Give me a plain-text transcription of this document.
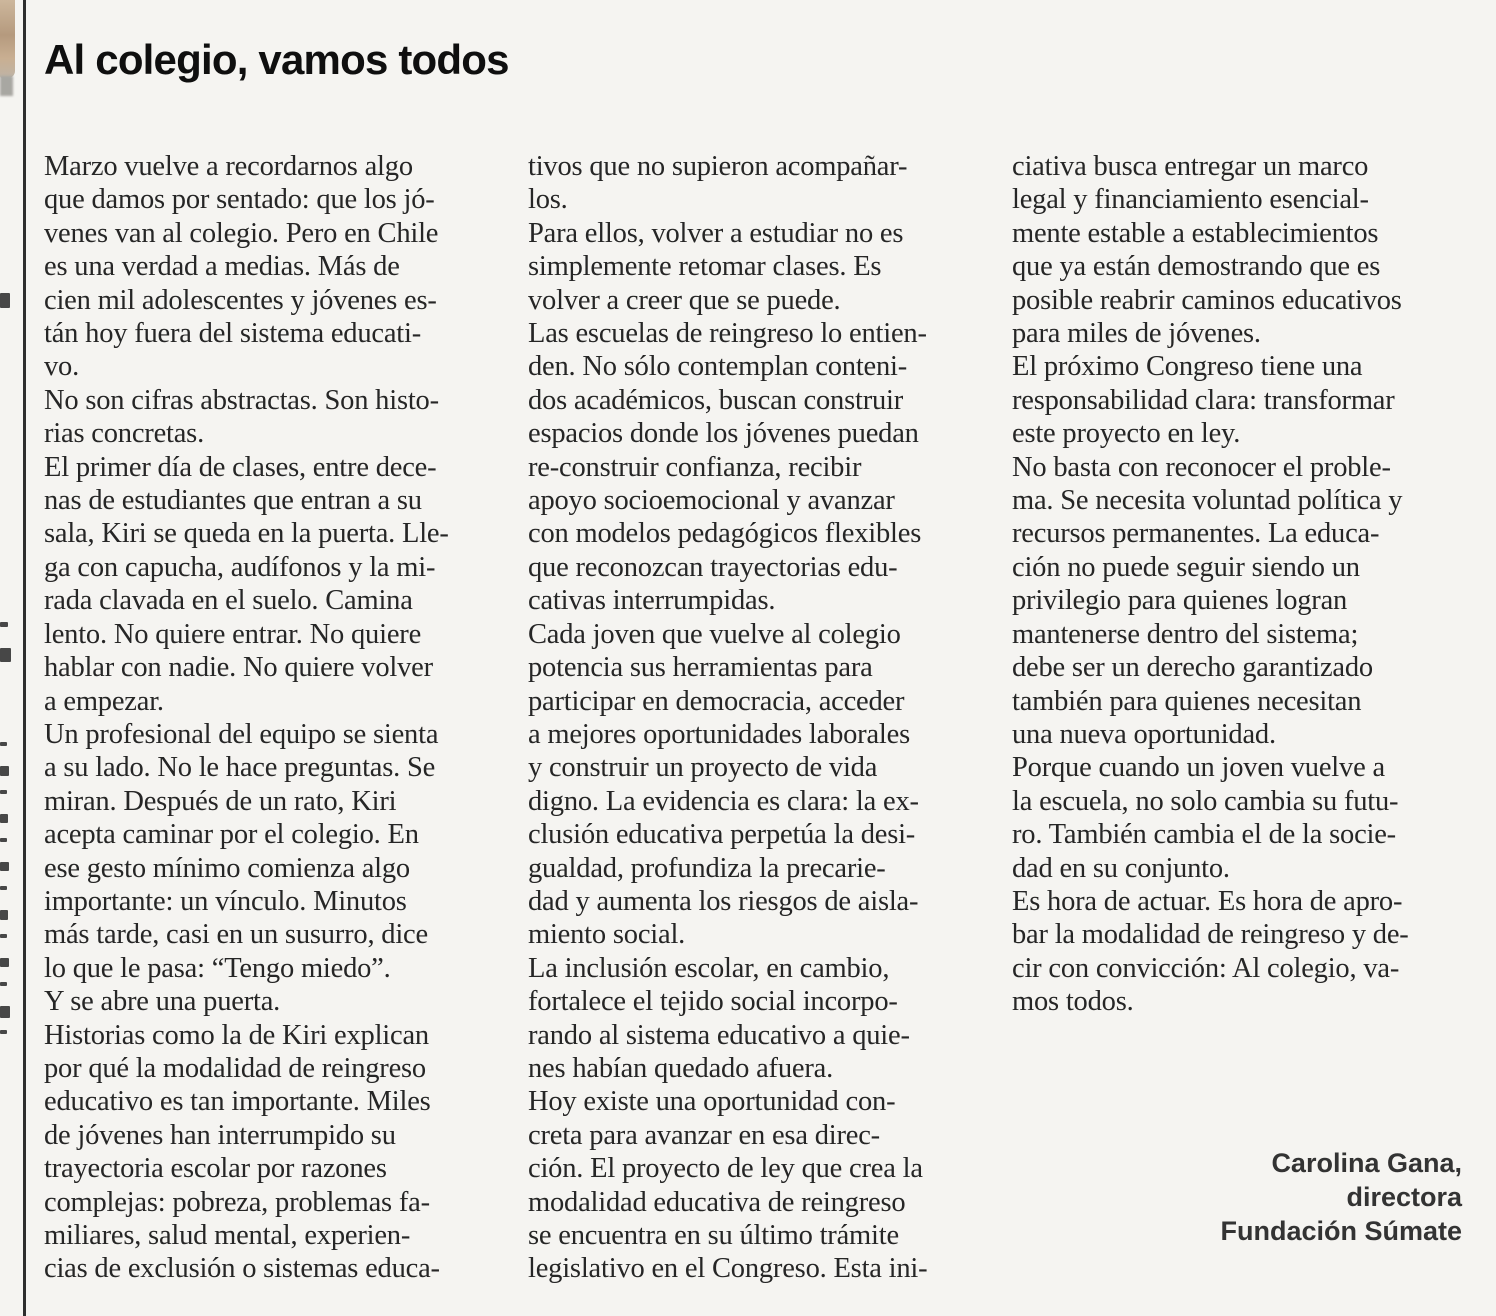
Al colegio, vamos todos
Marzo vuelve a recordarnos algo
que damos por sentado: que los jó-
venes van al colegio. Pero en Chile
es una verdad a medias. Más de
cien mil adolescentes y jóvenes es-
tán hoy fuera del sistema educati-
vo.
No son cifras abstractas. Son histo-
rias concretas.
El primer día de clases, entre dece-
nas de estudiantes que entran a su
sala, Kiri se queda en la puerta. Lle-
ga con capucha, audífonos y la mi-
rada clavada en el suelo. Camina
lento. No quiere entrar. No quiere
hablar con nadie. No quiere volver
a empezar.
Un profesional del equipo se sienta
a su lado. No le hace preguntas. Se
miran. Después de un rato, Kiri
acepta caminar por el colegio. En
ese gesto mínimo comienza algo
importante: un vínculo. Minutos
más tarde, casi en un susurro, dice
lo que le pasa: “Tengo miedo”.
Y se abre una puerta.
Historias como la de Kiri explican
por qué la modalidad de reingreso
educativo es tan importante. Miles
de jóvenes han interrumpido su
trayectoria escolar por razones
complejas: pobreza, problemas fa-
miliares, salud mental, experien-
cias de exclusión o sistemas educa-
tivos que no supieron acompañar-
los.
Para ellos, volver a estudiar no es
simplemente retomar clases. Es
volver a creer que se puede.
Las escuelas de reingreso lo entien-
den. No sólo contemplan conteni-
dos académicos, buscan construir
espacios donde los jóvenes puedan
re-construir confianza, recibir
apoyo socioemocional y avanzar
con modelos pedagógicos flexibles
que reconozcan trayectorias edu-
cativas interrumpidas.
Cada joven que vuelve al colegio
potencia sus herramientas para
participar en democracia, acceder
a mejores oportunidades laborales
y construir un proyecto de vida
digno. La evidencia es clara: la ex-
clusión educativa perpetúa la desi-
gualdad, profundiza la precarie-
dad y aumenta los riesgos de aisla-
miento social.
La inclusión escolar, en cambio,
fortalece el tejido social incorpo-
rando al sistema educativo a quie-
nes habían quedado afuera.
Hoy existe una oportunidad con-
creta para avanzar en esa direc-
ción. El proyecto de ley que crea la
modalidad educativa de reingreso
se encuentra en su último trámite
legislativo en el Congreso. Esta ini-
ciativa busca entregar un marco
legal y financiamiento esencial-
mente estable a establecimientos
que ya están demostrando que es
posible reabrir caminos educativos
para miles de jóvenes.
El próximo Congreso tiene una
responsabilidad clara: transformar
este proyecto en ley.
No basta con reconocer el proble-
ma. Se necesita voluntad política y
recursos permanentes. La educa-
ción no puede seguir siendo un
privilegio para quienes logran
mantenerse dentro del sistema;
debe ser un derecho garantizado
también para quienes necesitan
una nueva oportunidad.
Porque cuando un joven vuelve a
la escuela, no solo cambia su futu-
ro. También cambia el de la socie-
dad en su conjunto.
Es hora de actuar. Es hora de apro-
bar la modalidad de reingreso y de-
cir con convicción: Al colegio, va-
mos todos.
Carolina Gana,
directora
Fundación Súmate
